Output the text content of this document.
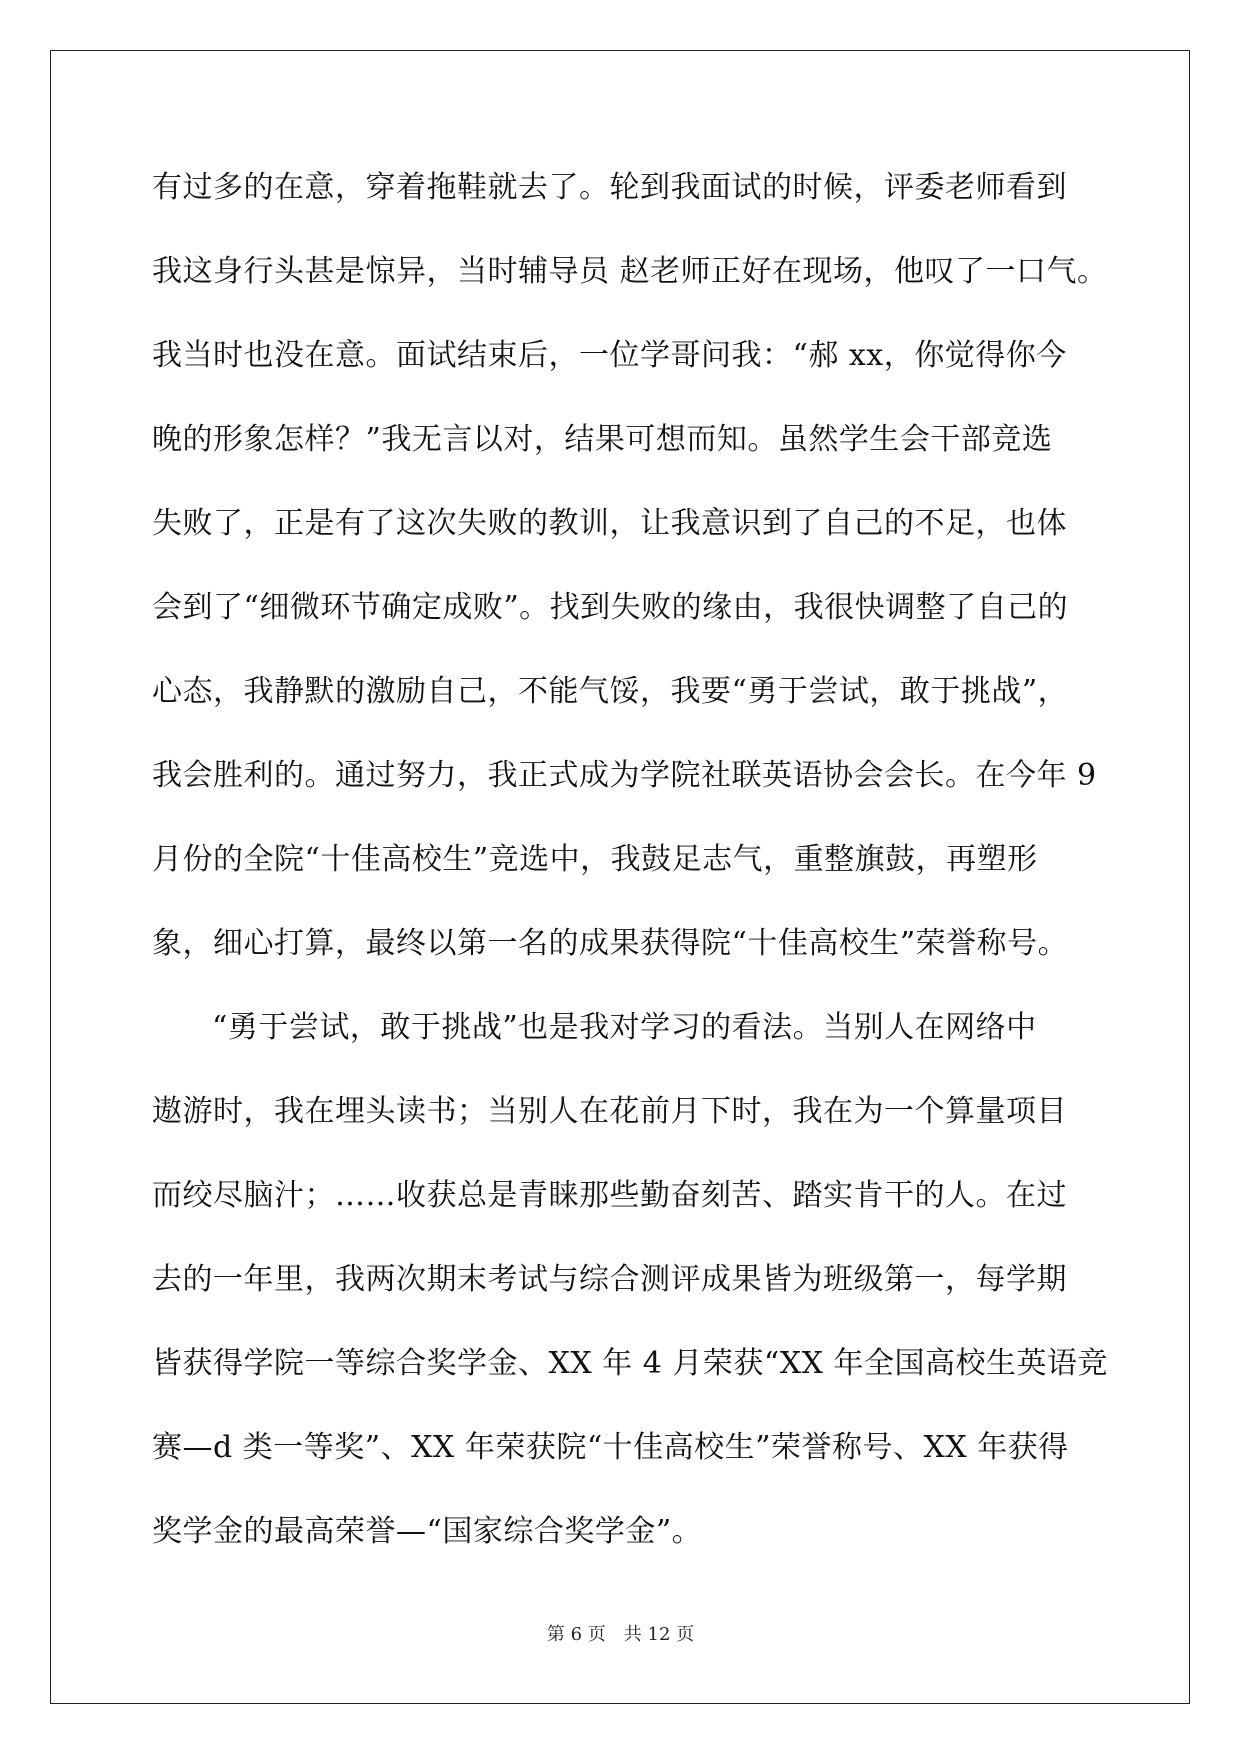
有过多的在意，穿着拖鞋就去了。轮到我面试的时候，评委老师看到
我这身行头甚是惊异，当时辅导员 赵老师正好在现场，他叹了一口气。
我当时也没在意。面试结束后，一位学哥问我：“郝 xx，你觉得你今
晚的形象怎样？”我无言以对，结果可想而知。虽然学生会干部竞选
失败了，正是有了这次失败的教训，让我意识到了自己的不足，也体
会到了“细微环节确定成败”。找到失败的缘由，我很快调整了自己的
心态，我静默的激励自己，不能气馁，我要“勇于尝试，敢于挑战”，
我会胜利的。通过努力，我正式成为学院社联英语协会会长。在今年 9
月份的全院“十佳高校生”竞选中，我鼓足志气，重整旗鼓，再塑形
象，细心打算，最终以第一名的成果获得院“十佳高校生”荣誉称号。
“勇于尝试，敢于挑战”也是我对学习的看法。当别人在网络中
遨游时，我在埋头读书；当别人在花前月下时，我在为一个算量项目
而绞尽脑汁；……收获总是青睐那些勤奋刻苦、踏实肯干的人。在过
去的一年里，我两次期末考试与综合测评成果皆为班级第一，每学期
皆获得学院一等综合奖学金、XX 年 4 月荣获“XX 年全国高校生英语竞
赛—d 类一等奖”、XX 年荣获院“十佳高校生”荣誉称号、XX 年获得
奖学金的最高荣誉—“国家综合奖学金”。
第 6 页　共 12 页
